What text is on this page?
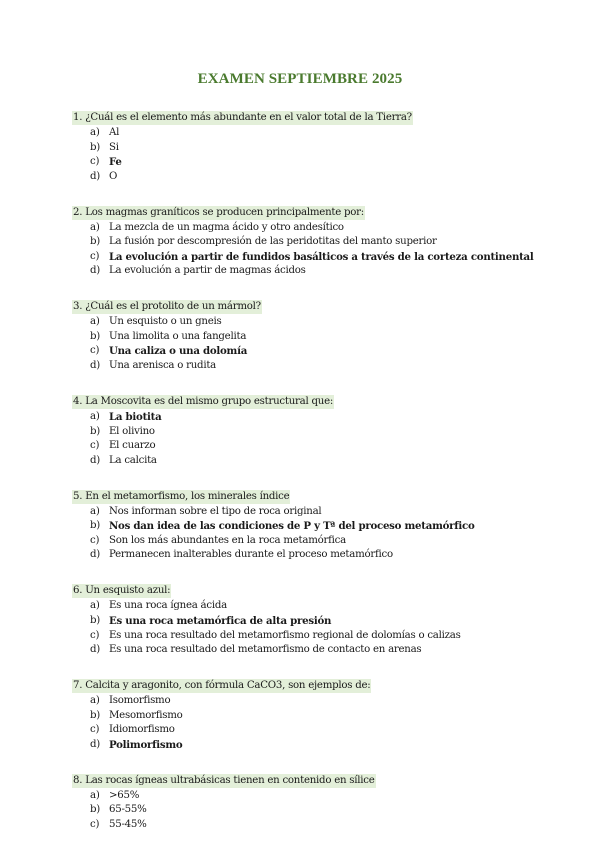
EXAMEN SEPTIEMBRE 2025
1. ¿Cuál es el elemento más abundante en el valor total de la Tierra?
a) Al
b) Si
c) Fe
d) O
2. Los magmas graníticos se producen principalmente por:
a) La mezcla de un magma ácido y otro andesítico
b) La fusión por descompresión de las peridotitas del manto superior
c) La evolución a partir de fundidos basálticos a través de la corteza continental
d) La evolución a partir de magmas ácidos
3. ¿Cuál es el protolito de un mármol?
a) Un esquisto o un gneis
b) Una limolita o una fangelita
c) Una caliza o una dolomía
d) Una arenisca o rudita
4. La Moscovita es del mismo grupo estructural que:
a) La biotita
b) El olivino
c) El cuarzo
d) La calcita
5. En el metamorfismo, los minerales índice
a) Nos informan sobre el tipo de roca original
b) Nos dan idea de las condiciones de P y Tª del proceso metamórfico
c) Son los más abundantes en la roca metamórfica
d) Permanecen inalterables durante el proceso metamórfico
6. Un esquisto azul:
a) Es una roca ígnea ácida
b) Es una roca metamórfica de alta presión
c) Es una roca resultado del metamorfismo regional de dolomías o calizas
d) Es una roca resultado del metamorfismo de contacto en arenas
7. Calcita y aragonito, con fórmula CaCO3, son ejemplos de:
a) Isomorfismo
b) Mesomorfismo
c) Idiomorfismo
d) Polimorfismo
8. Las rocas ígneas ultrabásicas tienen en contenido en sílice
a) >65%
b) 65-55%
c) 55-45%
